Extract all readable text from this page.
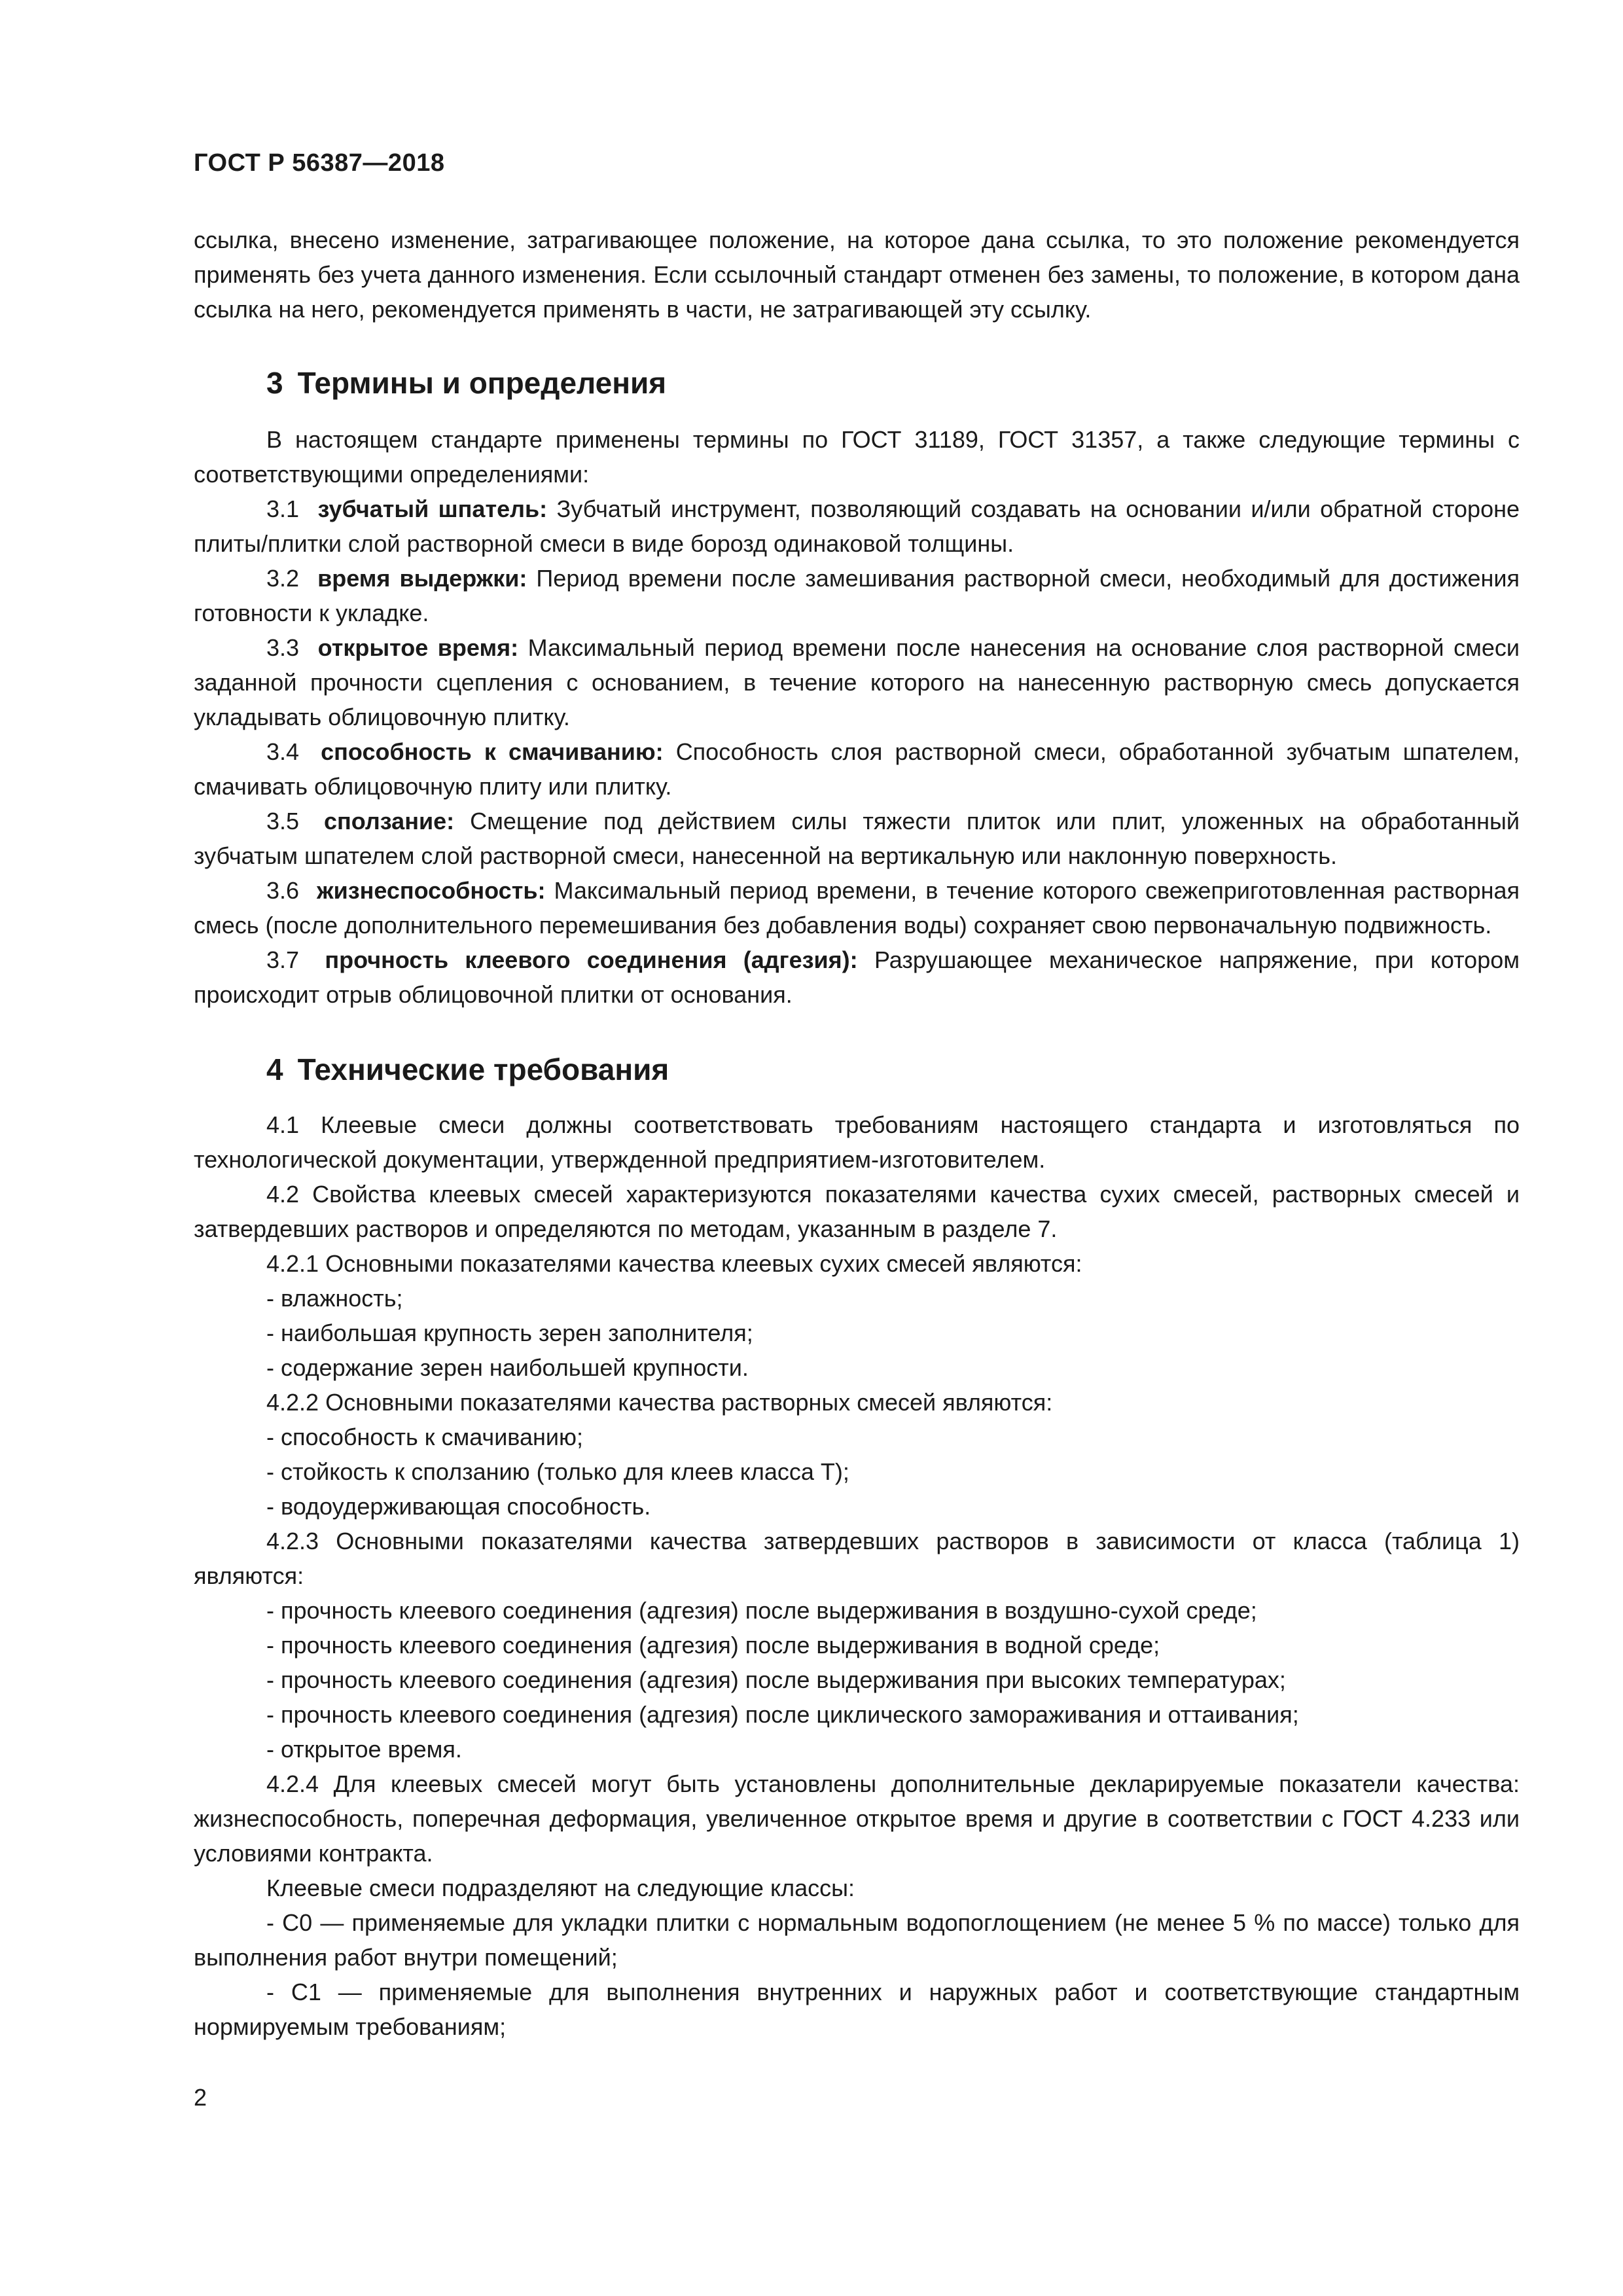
ГОСТ Р 56387—2018

ссылка, внесено изменение, затрагивающее положение, на которое дана ссылка, то это положение рекомендуется применять без учета данного изменения. Если ссылочный стандарт отменен без замены, то положение, в котором дана ссылка на него, рекомендуется применять в части, не затрагивающей эту ссылку.

3 Термины и определения

В настоящем стандарте применены термины по ГОСТ 31189, ГОСТ 31357, а также следующие термины с соответствующими определениями:

3.1 зубчатый шпатель: Зубчатый инструмент, позволяющий создавать на основании и/или обратной стороне плиты/плитки слой растворной смеси в виде борозд одинаковой толщины.

3.2 время выдержки: Период времени после замешивания растворной смеси, необходимый для достижения готовности к укладке.

3.3 открытое время: Максимальный период времени после нанесения на основание слоя растворной смеси заданной прочности сцепления с основанием, в течение которого на нанесенную растворную смесь допускается укладывать облицовочную плитку.

3.4 способность к смачиванию: Способность слоя растворной смеси, обработанной зубчатым шпателем, смачивать облицовочную плиту или плитку.

3.5 сползание: Смещение под действием силы тяжести плиток или плит, уложенных на обработанный зубчатым шпателем слой растворной смеси, нанесенной на вертикальную или наклонную поверхность.

3.6 жизнеспособность: Максимальный период времени, в течение которого свежеприготовленная растворная смесь (после дополнительного перемешивания без добавления воды) сохраняет свою первоначальную подвижность.

3.7 прочность клеевого соединения (адгезия): Разрушающее механическое напряжение, при котором происходит отрыв облицовочной плитки от основания.

4 Технические требования

4.1 Клеевые смеси должны соответствовать требованиям настоящего стандарта и изготовляться по технологической документации, утвержденной предприятием-изготовителем.

4.2 Свойства клеевых смесей характеризуются показателями качества сухих смесей, растворных смесей и затвердевших растворов и определяются по методам, указанным в разделе 7.

4.2.1 Основными показателями качества клеевых сухих смесей являются:

- влажность;

- наибольшая крупность зерен заполнителя;

- содержание зерен наибольшей крупности.

4.2.2 Основными показателями качества растворных смесей являются:

- способность к смачиванию;

- стойкость к сползанию (только для клеев класса Т);

- водоудерживающая способность.

4.2.3 Основными показателями качества затвердевших растворов в зависимости от класса (таблица 1) являются:

- прочность клеевого соединения (адгезия) после выдерживания в воздушно-сухой среде;

- прочность клеевого соединения (адгезия) после выдерживания в водной среде;

- прочность клеевого соединения (адгезия) после выдерживания при высоких температурах;

- прочность клеевого соединения (адгезия) после циклического замораживания и оттаивания;

- открытое время.

4.2.4 Для клеевых смесей могут быть установлены дополнительные декларируемые показатели качества: жизнеспособность, поперечная деформация, увеличенное открытое время и другие в соответствии с ГОСТ 4.233 или условиями контракта.

Клеевые смеси подразделяют на следующие классы:

- С0 — применяемые для укладки плитки с нормальным водопоглощением (не менее 5 % по массе) только для выполнения работ внутри помещений;

- С1 — применяемые для выполнения внутренних и наружных работ и соответствующие стандартным нормируемым требованиям;

2
